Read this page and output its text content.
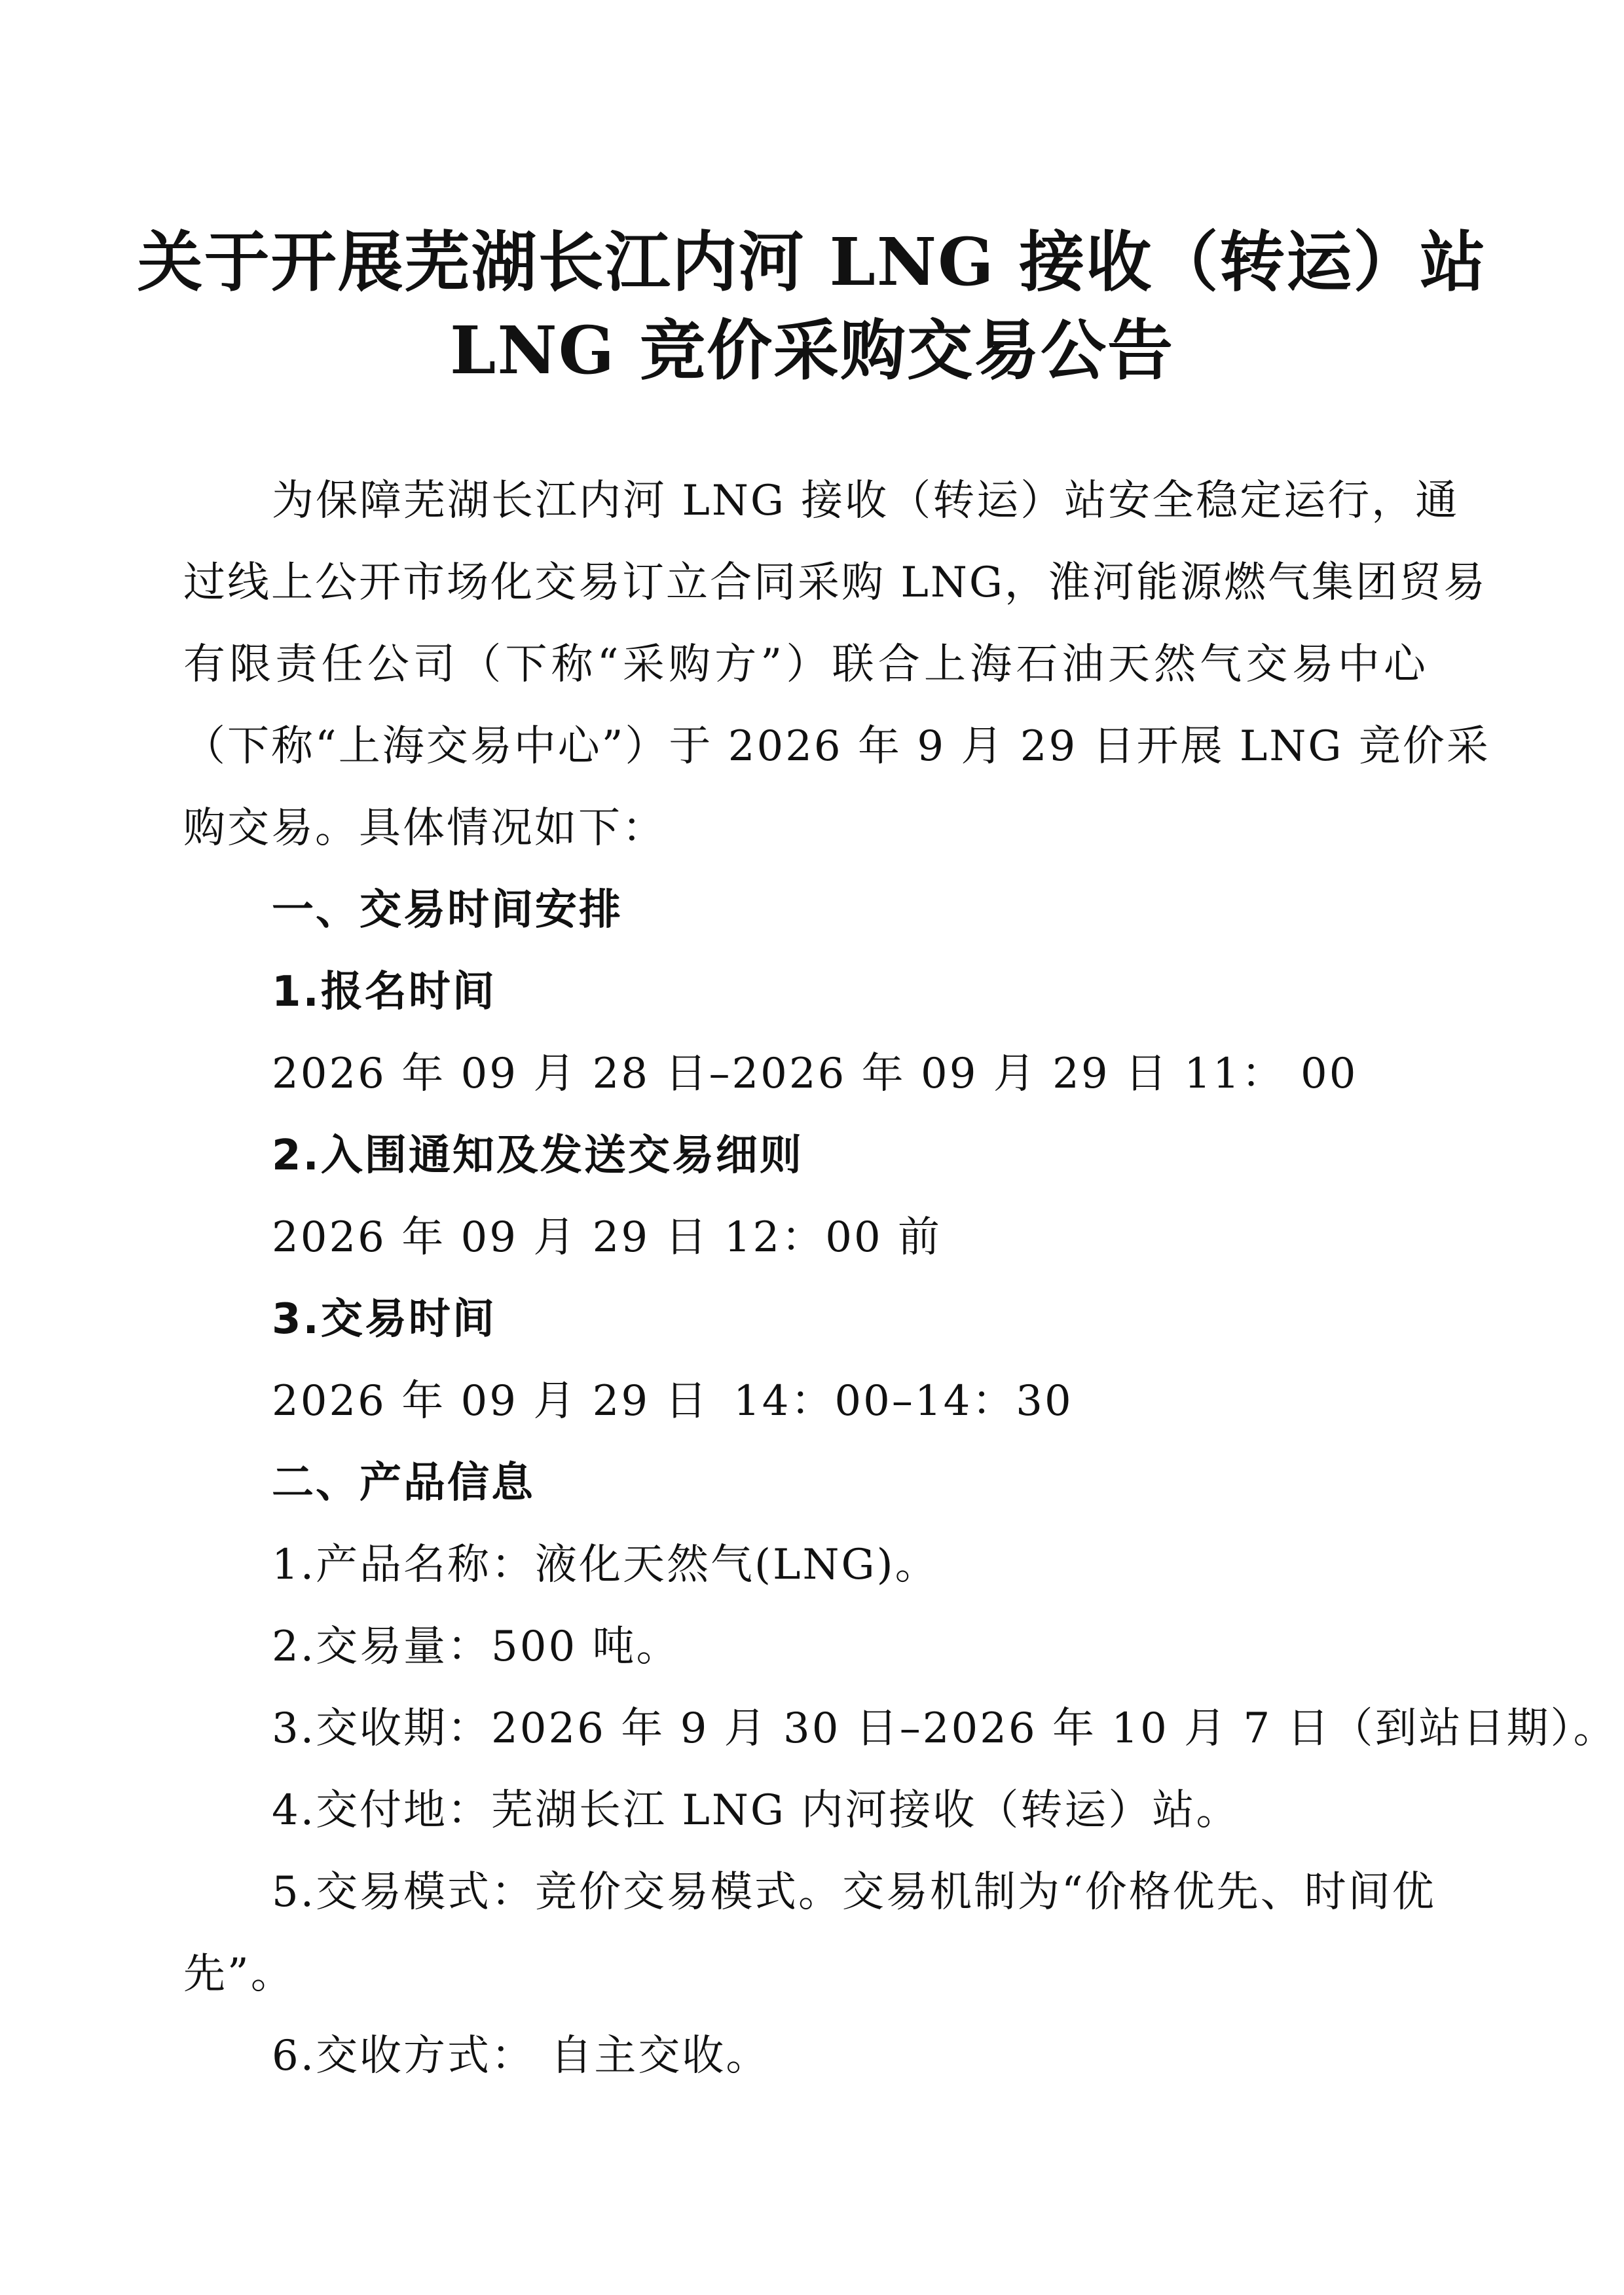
关于开展芜湖长江内河 LNG 接收（转运）站
LNG 竞价采购交易公告
为保障芜湖长江内河 LNG 接收（转运）站安全稳定运行，通
过线上公开市场化交易订立合同采购 LNG，淮河能源燃气集团贸易
有限责任公司（下称“采购方”）联合上海石油天然气交易中心
（下称“上海交易中心”）于 2026 年 9 月 29 日开展 LNG 竞价采
购交易。具体情况如下：
一、交易时间安排
1.报名时间
2026 年 09 月 28 日–2026 年 09 月 29 日 11： 00
2.入围通知及发送交易细则
2026 年 09 月 29 日 12：00 前
3.交易时间
2026 年 09 月 29 日 14：00–14：30
二、产品信息
1.产品名称：液化天然气(LNG)。
2.交易量：500 吨。
3.交收期：2026 年 9 月 30 日–2026 年 10 月 7 日（到站日期）。
4.交付地：芜湖长江 LNG 内河接收（转运）站。
5.交易模式：竞价交易模式。交易机制为“价格优先、时间优
先”。
6.交收方式： 自主交收。
